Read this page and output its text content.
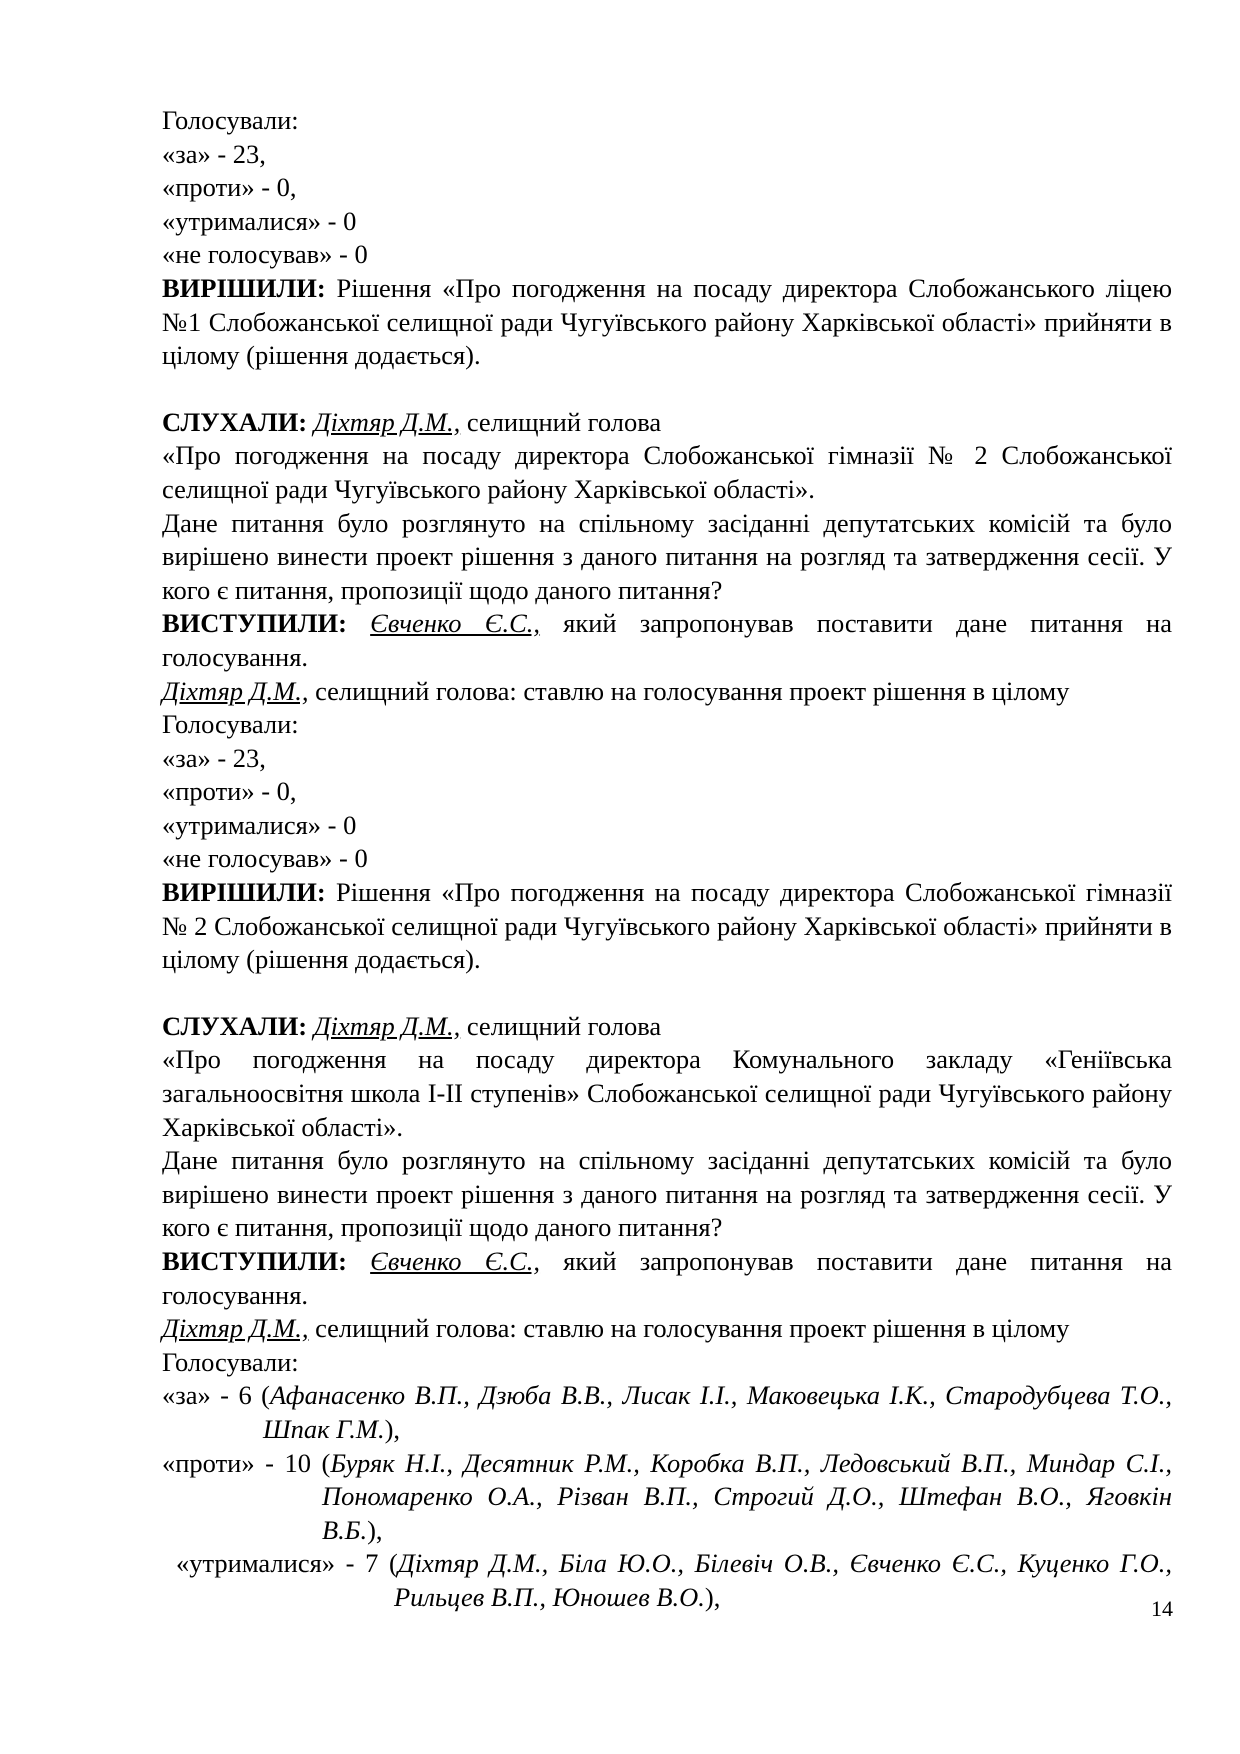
Голосували:

«за» - 23,

«проти» - 0,

«утрималися» - 0

«не голосував» - 0

ВИРІШИЛИ: Рішення «Про погодження на посаду директора Слобожанського ліцею №1 Слобожанської селищної ради Чугуївського району Харківської області» прийняти в цілому (рішення додається).

СЛУХАЛИ: Діхтяр Д.М., селищний голова

«Про погодження на посаду директора Слобожанської гімназії № 2 Слобожанської селищної ради Чугуївського району Харківської області».

Дане питання було розглянуто на спільному засіданні депутатських комісій та було вирішено винести проект рішення з даного питання на розгляд та затвердження сесії. У кого є питання, пропозиції щодо даного питання?

ВИСТУПИЛИ: Євченко Є.С., який запропонував поставити дане питання на голосування.

Діхтяр Д.М., селищний голова: ставлю на голосування проект рішення в цілому

Голосували:

«за» - 23,

«проти» - 0,

«утрималися» - 0

«не голосував» - 0

ВИРІШИЛИ: Рішення «Про погодження на посаду директора Слобожанської гімназії № 2 Слобожанської селищної ради Чугуївського району Харківської області» прийняти в цілому (рішення додається).

СЛУХАЛИ: Діхтяр Д.М., селищний голова

«Про погодження на посаду директора Комунального закладу «Геніївська загальноосвітня школа І-ІІ ступенів» Слобожанської селищної ради Чугуївського району Харківської області».

Дане питання було розглянуто на спільному засіданні депутатських комісій та було вирішено винести проект рішення з даного питання на розгляд та затвердження сесії. У кого є питання, пропозиції щодо даного питання?

ВИСТУПИЛИ: Євченко Є.С., який запропонував поставити дане питання на голосування.

Діхтяр Д.М., селищний голова: ставлю на голосування проект рішення в цілому

Голосували:

«за» - 6 (Афанасенко В.П., Дзюба В.В., Лисак І.І., Маковецька І.К., Стародубцева Т.О., Шпак Г.М.),

«проти» - 10 (Буряк Н.І., Десятник Р.М., Коробка В.П., Ледовський В.П., Миндар С.І., Пономаренко О.А., Різван В.П., Строгий Д.О., Штефан В.О., Яговкін В.Б.),

«утрималися» - 7 (Діхтяр Д.М., Біла Ю.О., Білевіч О.В., Євченко Є.С., Куценко Г.О., Рильцев В.П., Юношев В.О.),	14
